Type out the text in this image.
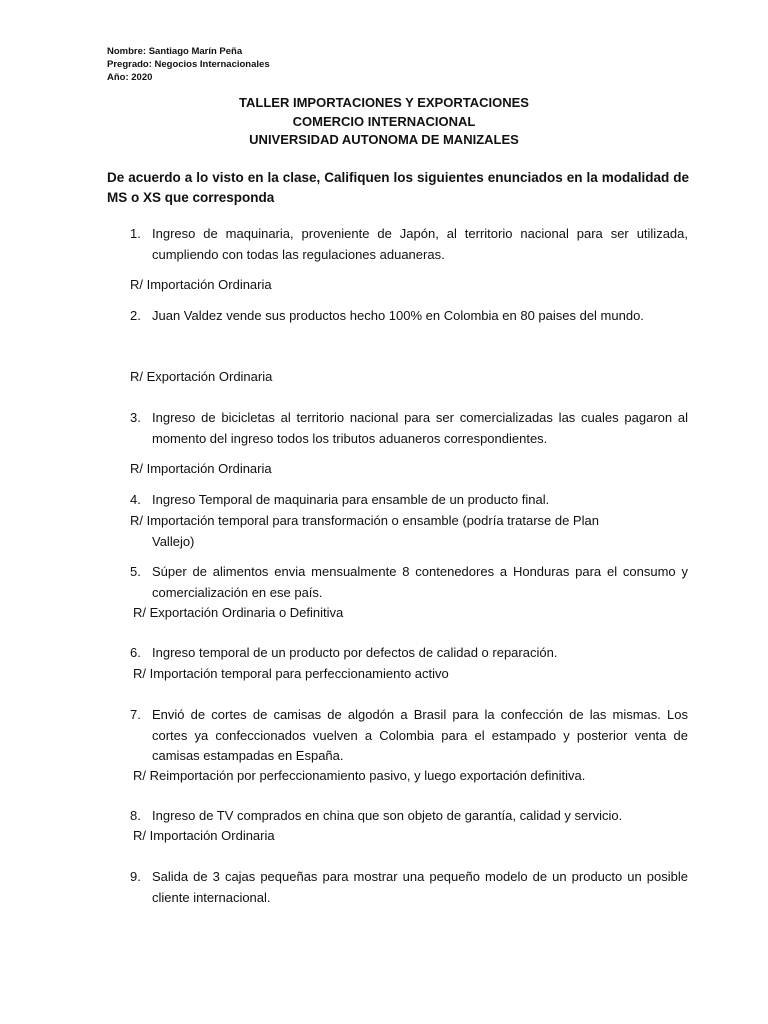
Nombre: Santiago Marín Peña
Pregrado: Negocios Internacionales
Año: 2020
TALLER IMPORTACIONES Y EXPORTACIONES
COMERCIO INTERNACIONAL
UNIVERSIDAD AUTONOMA DE MANIZALES
De acuerdo a lo visto en la clase, Califiquen los siguientes enunciados en la modalidad de MS o XS que corresponda
1. Ingreso de maquinaria, proveniente de Japón, al territorio nacional para ser utilizada, cumpliendo con todas las regulaciones aduaneras.
R/ Importación Ordinaria
2. Juan Valdez vende sus productos hecho 100% en Colombia en 80 paises del mundo.
R/ Exportación Ordinaria
3. Ingreso de bicicletas al territorio nacional para ser comercializadas las cuales pagaron al momento del ingreso todos los tributos aduaneros correspondientes.
R/ Importación Ordinaria
4. Ingreso Temporal de maquinaria para ensamble de un producto final.
R/ Importación temporal para transformación o ensamble (podría tratarse de Plan
Vallejo)
5. Súper de alimentos envia mensualmente 8 contenedores a Honduras para el consumo y comercialización en ese país.
R/ Exportación Ordinaria o Definitiva
6. Ingreso temporal de un producto por defectos de calidad o reparación.
R/ Importación temporal para perfeccionamiento activo
7. Envió de cortes de camisas de algodón a Brasil para la confección de las mismas. Los cortes ya confeccionados vuelven a Colombia para el estampado y posterior venta de camisas estampadas en España.
R/ Reimportación por perfeccionamiento pasivo, y luego exportación definitiva.
8. Ingreso de TV comprados en china que son objeto de garantía, calidad y servicio.
R/ Importación Ordinaria
9. Salida de 3 cajas pequeñas para mostrar una pequeño modelo de un producto un posible cliente internacional.
